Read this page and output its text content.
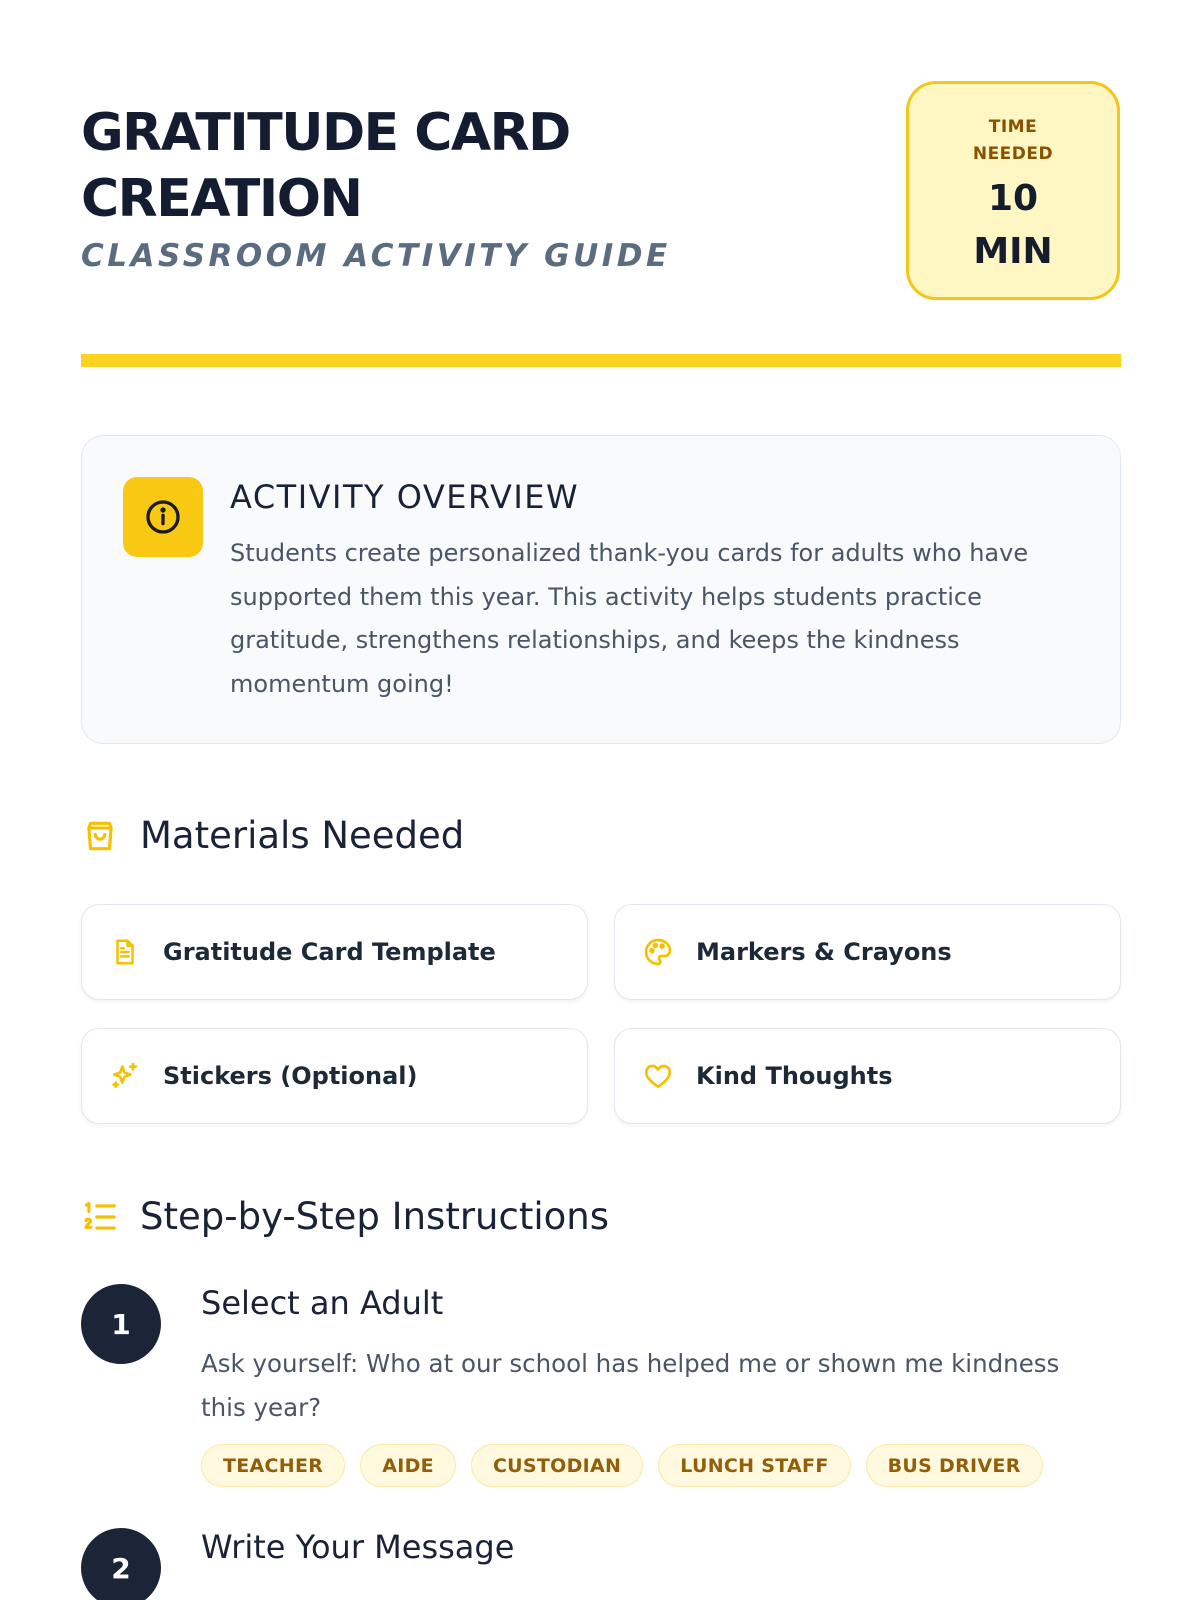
GRATITUDE CARD CREATION
CLASSROOM ACTIVITY GUIDE
TIME NEEDED
10 MIN
ACTIVITY OVERVIEW
Students create personalized thank-you cards for adults who have supported them this year. This activity helps students practice gratitude, strengthens relationships, and keeps the kindness momentum going!
Materials Needed
Gratitude Card Template	Markers & Crayons
Stickers (Optional)	Kind Thoughts
Step-by-Step Instructions
1
Select an Adult
Ask yourself: Who at our school has helped me or shown me kindness this year?
TEACHER	AIDE	CUSTODIAN	LUNCH STAFF	BUS DRIVER
2
Write Your Message
